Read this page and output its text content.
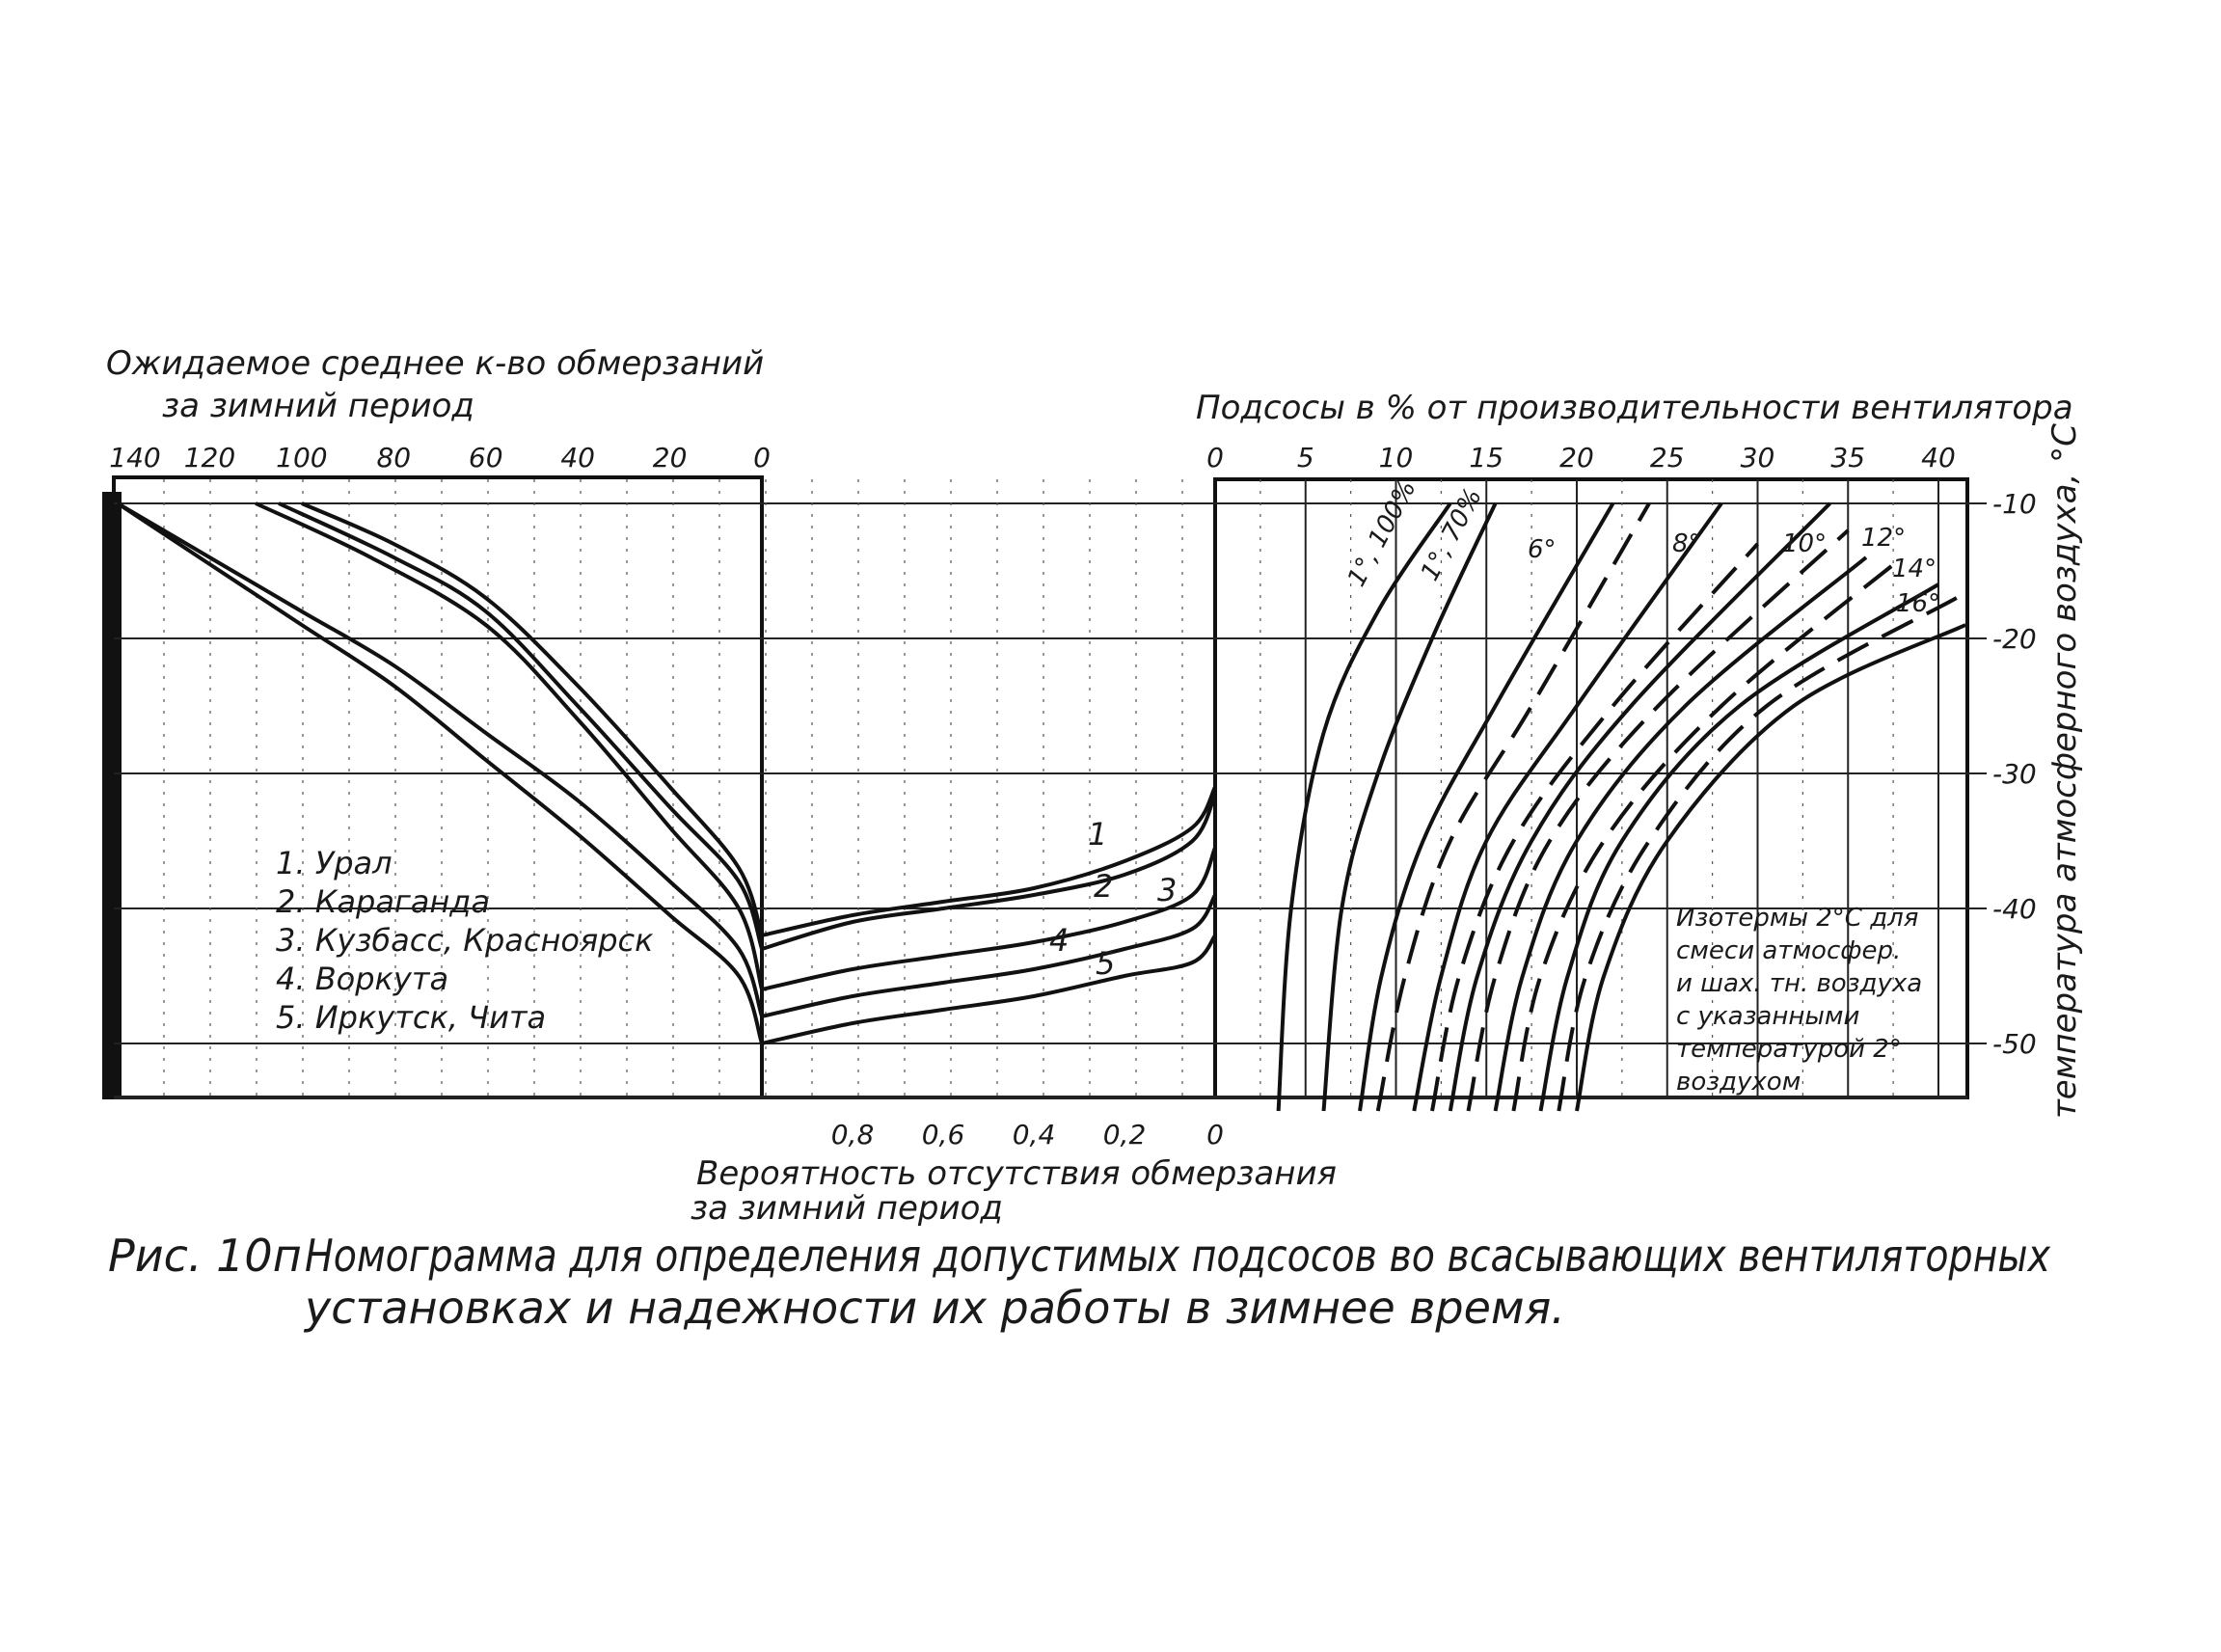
140 120 100 80 60 40 20 0
0,8 0,6 0,4 0,2 0
0	5 10 15 20 25 30 35 40
-10
-20
-30
-40
-50
Ожидаемое среднее к-во обмерзаний
за зимний период	Подсосы в % от производительности вентилятора
Вероятность отсутствия обмерзания
за зимний период
температура атмосферного воздуха, °С
1. Урал
2. Караганда
3. Кузбасс, Красноярск
4. Воркута
5. Иркутск, Чита
1
2 3
4
5
1°, 100%
1°, 70% 6°	8°	10° 12°
14°
16°
Изотермы 2°С для
смеси атмосфер.
и шах. тн. воздуха
с указанными
температурой 2°
воздухом
Рис. 10п Номограмма для определения допустимых подсосов во всасывающих вентиляторных
установках и надежности их работы в зимнее время.
